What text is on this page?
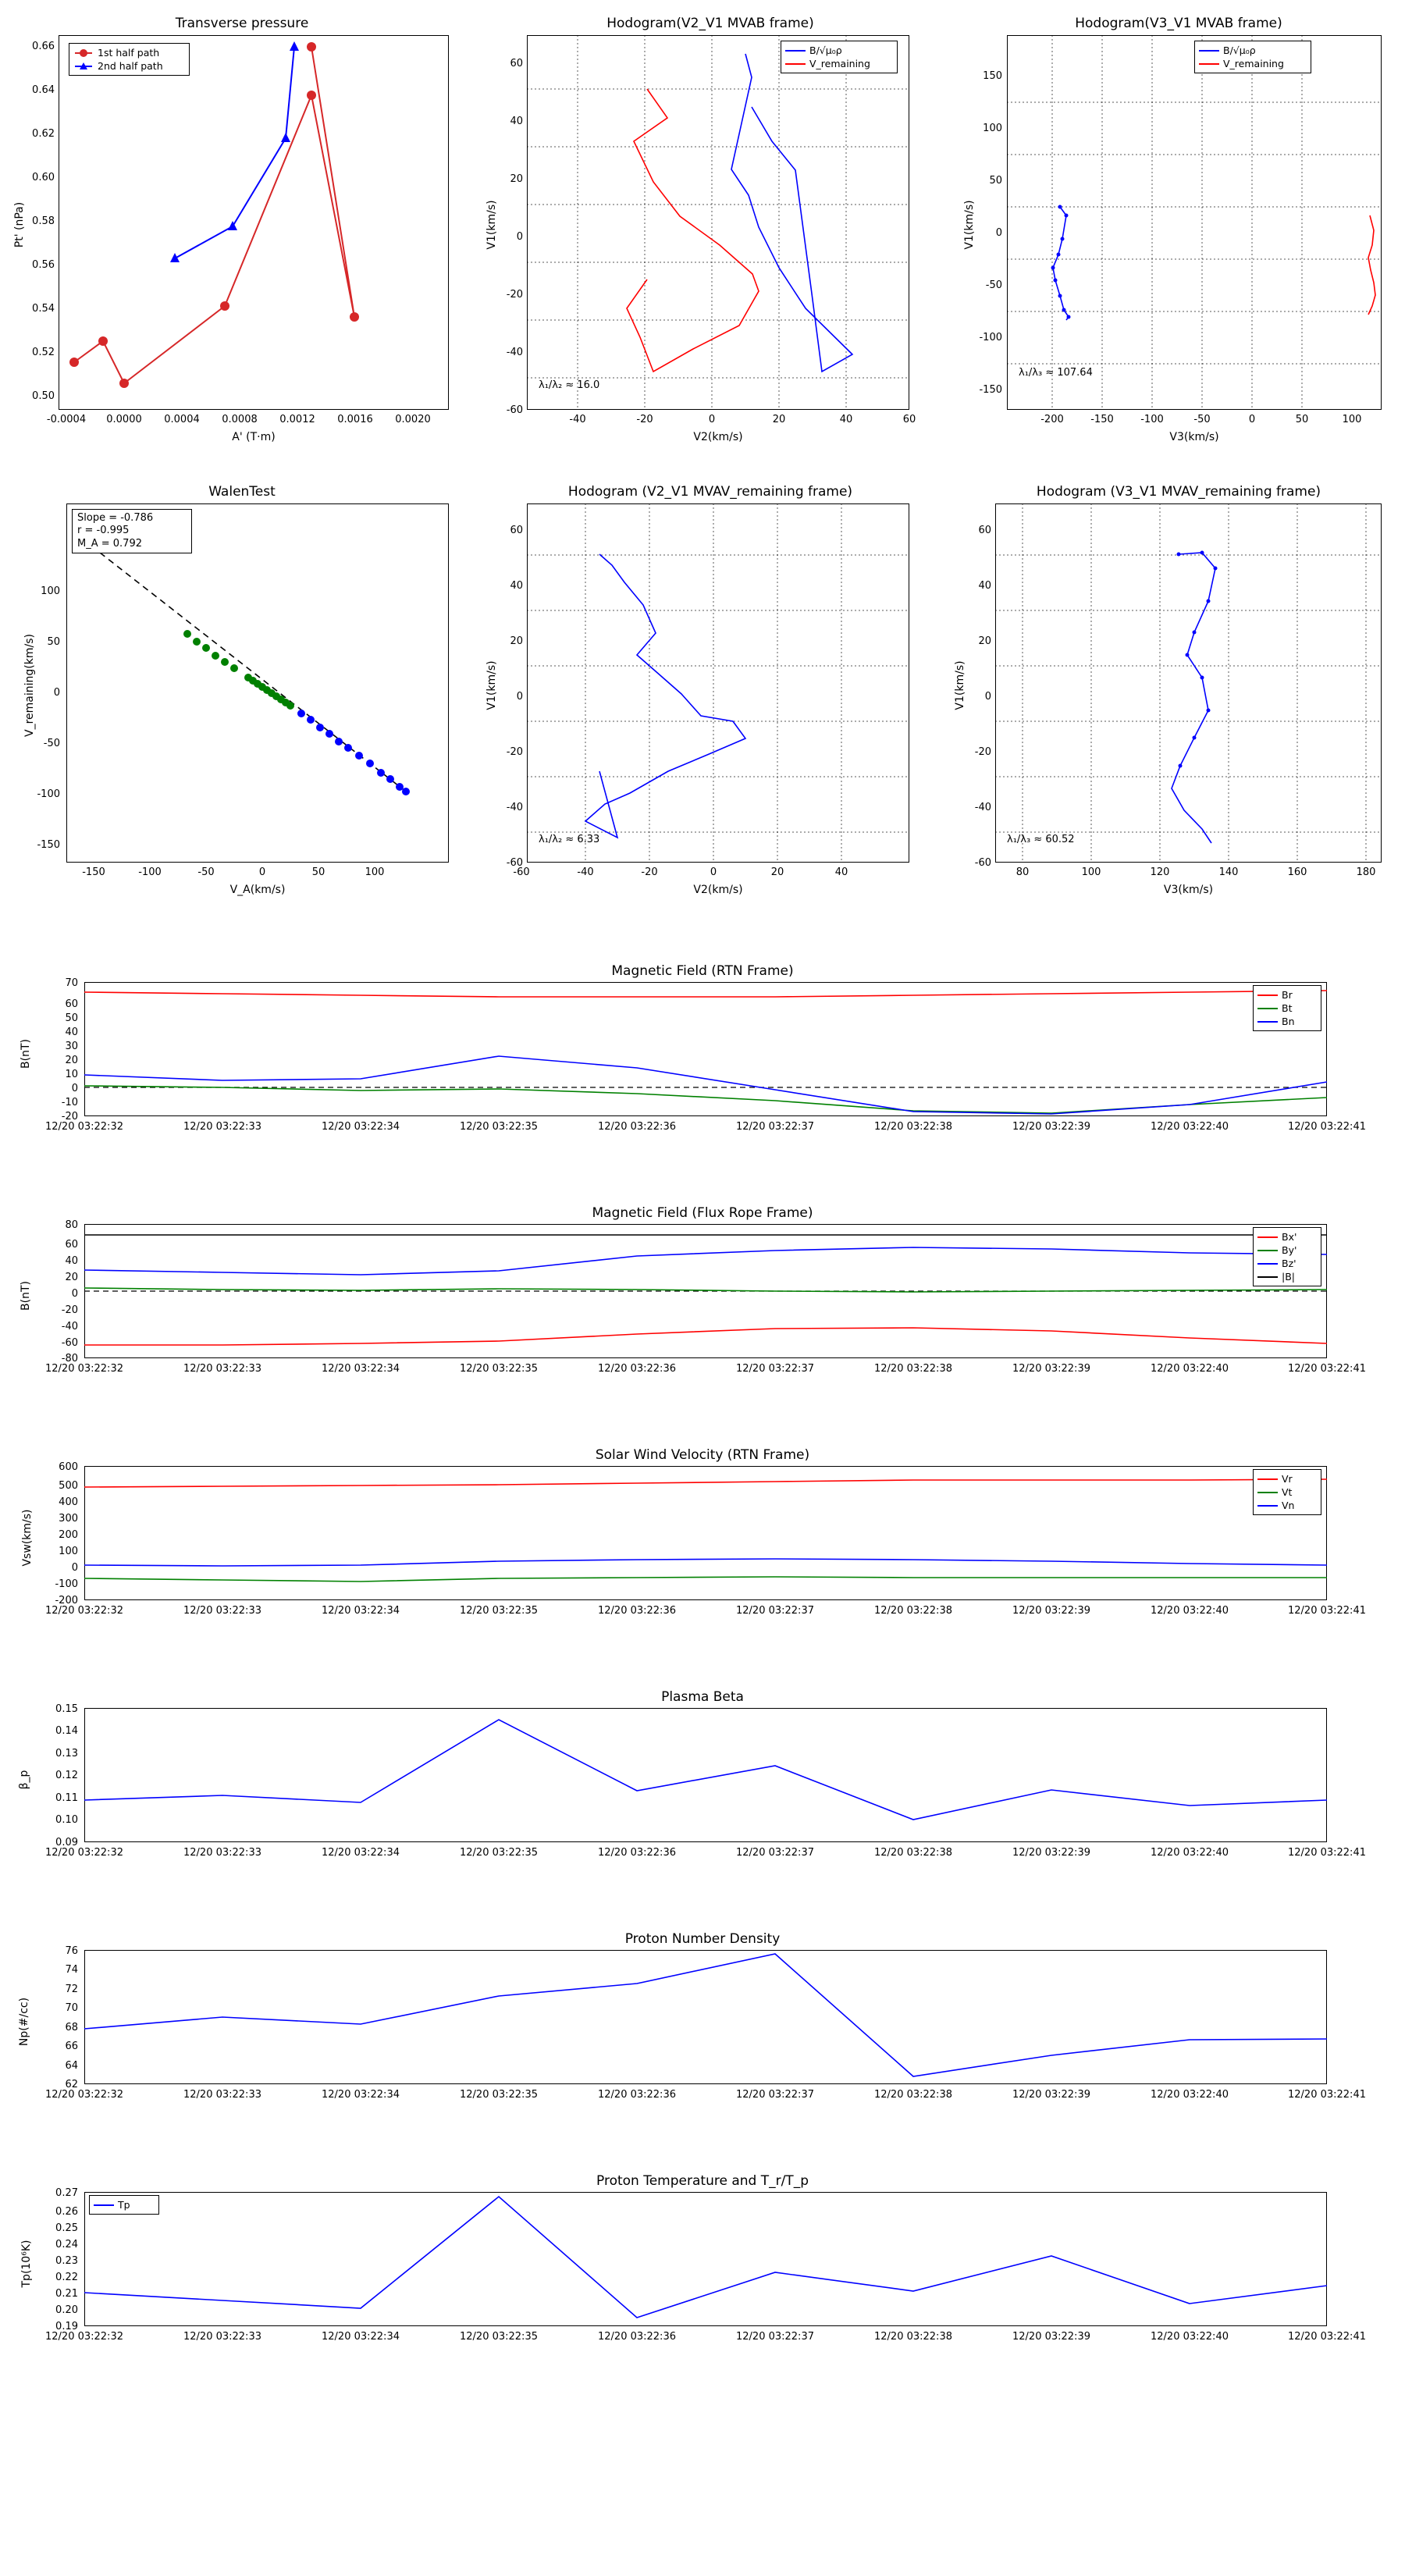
Transverse pressure
1st half path
2nd half path
0.50
0.52
0.54
0.56
0.58
0.60
0.62
0.64
0.66
-0.0004	0.0000	0.0004	0.0008	0.0012	0.0016	0.0020
A' (T·m)
Pt' (nPa)
Hodogram(V2_V1 MVAB frame)
B/√μ₀ρ
V_remaining
λ₁/λ₂ ≈ 16.0
-60
-40
-20
0
20
40
60
-40	-20	0	20	40	60
V2(km/s)
V1(km/s)
Hodogram(V3_V1 MVAB frame)
B/√μ₀ρ
V_remaining
λ₁/λ₃ ≈ 107.64
-150
-100
-50
0
50
100
150
-200	-150	-100	-50	0	50	100
V3(km/s)
V1(km/s)
WalenTest
Slope = -0.786
r = -0.995
M_A = 0.792
-150
-100
-50
0
50
100
-150	-100	-50	0	50	100
V_A(km/s)
V_remaining(km/s)
Hodogram (V2_V1 MVAV_remaining frame)
λ₁/λ₂ ≈ 6.33
-60
-40
-20
0
20
40
60
-60	-40	-20	0	20	40
V2(km/s)
V1(km/s)
Hodogram (V3_V1 MVAV_remaining frame)
λ₁/λ₃ ≈ 60.52
-60
-40
-20
0
20
40
60
80	100	120	140	160	180
V3(km/s)
V1(km/s)
Magnetic Field (RTN Frame)
Br
Bt
Bn
-20
-10
0
10
20
30
40
50
60
70
B(nT)
12/20 03:22:32	12/20 03:22:33	12/20 03:22:34	12/20 03:22:35	12/20 03:22:36	12/20 03:22:37	12/20 03:22:38	12/20 03:22:39	12/20 03:22:40	12/20 03:22:41
Magnetic Field (Flux Rope Frame)
Bx'
By'
Bz'
|B|
-80
-60
-40
-20
0
20
40
60
80
B(nT)
12/20 03:22:32	12/20 03:22:33	12/20 03:22:34	12/20 03:22:35	12/20 03:22:36	12/20 03:22:37	12/20 03:22:38	12/20 03:22:39	12/20 03:22:40	12/20 03:22:41
Solar Wind Velocity (RTN Frame)
Vr
Vt
Vn
-200
-100
0
100
200
300
400
500
600
Vsw(km/s)
12/20 03:22:32	12/20 03:22:33	12/20 03:22:34	12/20 03:22:35	12/20 03:22:36	12/20 03:22:37	12/20 03:22:38	12/20 03:22:39	12/20 03:22:40	12/20 03:22:41
Plasma Beta
0.09
0.10
0.11
0.12
0.13
0.14
0.15
β_p
12/20 03:22:32	12/20 03:22:33	12/20 03:22:34	12/20 03:22:35	12/20 03:22:36	12/20 03:22:37	12/20 03:22:38	12/20 03:22:39	12/20 03:22:40	12/20 03:22:41
Proton Number Density
62
64
66
68
70
72
74
76
Np(#/cc)
12/20 03:22:32	12/20 03:22:33	12/20 03:22:34	12/20 03:22:35	12/20 03:22:36	12/20 03:22:37	12/20 03:22:38	12/20 03:22:39	12/20 03:22:40	12/20 03:22:41
Proton Temperature and T_r/T_p
Tp
0.19
0.20
0.21
0.22
0.23
0.24
0.25
0.26
0.27
Tp(10⁶K)
12/20 03:22:32	12/20 03:22:33	12/20 03:22:34	12/20 03:22:35	12/20 03:22:36	12/20 03:22:37	12/20 03:22:38	12/20 03:22:39	12/20 03:22:40	12/20 03:22:41
